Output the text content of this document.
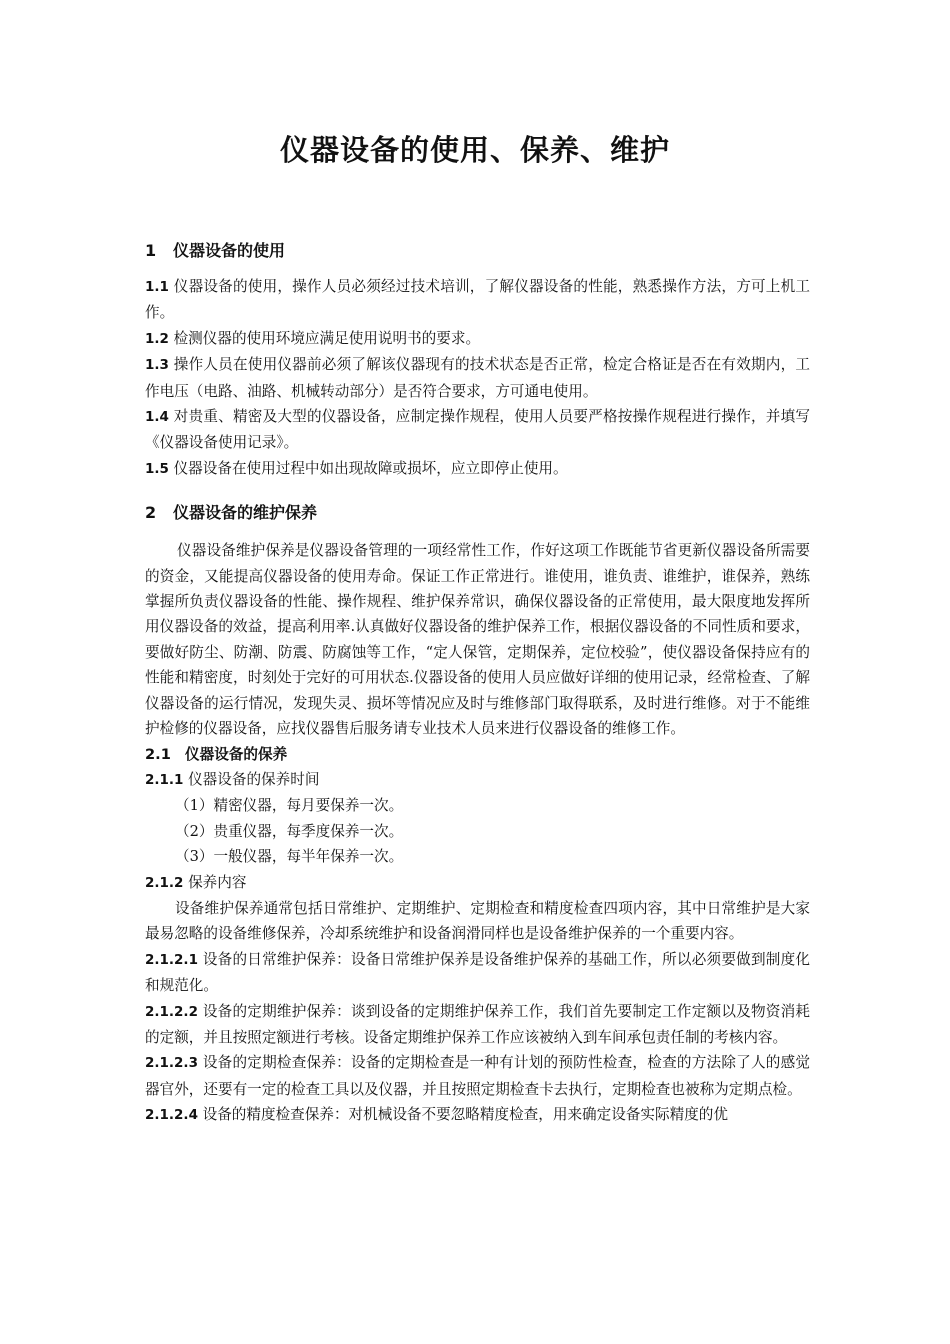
仪器设备的使用、保养、维护
1 仪器设备的使用

1.1 仪器设备的使用，操作人员必须经过技术培训，了解仪器设备的性能，熟悉操作方法，方可上机工作。

1.2 检测仪器的使用环境应满足使用说明书的要求。

1.3 操作人员在使用仪器前必须了解该仪器现有的技术状态是否正常，检定合格证是否在有效期内，工作电压（电路、油路、机械转动部分）是否符合要求，方可通电使用。

1.4 对贵重、精密及大型的仪器设备，应制定操作规程，使用人员要严格按操作规程进行操作，并填写《仪器设备使用记录》。

1.5 仪器设备在使用过程中如出现故障或损坏，应立即停止使用。

2 仪器设备的维护保养

仪器设备维护保养是仪器设备管理的一项经常性工作，作好这项工作既能节省更新仪器设备所需要的资金，又能提高仪器设备的使用寿命。保证工作正常进行。谁使用，谁负责、谁维护，谁保养，熟练掌握所负责仪器设备的性能、操作规程、维护保养常识，确保仪器设备的正常使用，最大限度地发挥所用仪器设备的效益，提高利用率.认真做好仪器设备的维护保养工作，根据仪器设备的不同性质和要求，要做好防尘、防潮、防震、防腐蚀等工作，“定人保管，定期保养，定位校验”，使仪器设备保持应有的性能和精密度，时刻处于完好的可用状态.仪器设备的使用人员应做好详细的使用记录，经常检查、了解仪器设备的运行情况，发现失灵、损坏等情况应及时与维修部门取得联系，及时进行维修。对于不能维护检修的仪器设备，应找仪器售后服务请专业技术人员来进行仪器设备的维修工作。

2.1 仪器设备的保养

2.1.1 仪器设备的保养时间

（1）精密仪器，每月要保养一次。

（2）贵重仪器，每季度保养一次。

（3）一般仪器，每半年保养一次。

2.1.2 保养内容

设备维护保养通常包括日常维护、定期维护、定期检查和精度检查四项内容，其中日常维护是大家最易忽略的设备维修保养，冷却系统维护和设备润滑同样也是设备维护保养的一个重要内容。

2.1.2.1 设备的日常维护保养：设备日常维护保养是设备维护保养的基础工作，所以必须要做到制度化和规范化。

2.1.2.2 设备的定期维护保养：谈到设备的定期维护保养工作，我们首先要制定工作定额以及物资消耗的定额，并且按照定额进行考核。设备定期维护保养工作应该被纳入到车间承包责任制的考核内容。

2.1.2.3 设备的定期检查保养：设备的定期检查是一种有计划的预防性检查，检查的方法除了人的感觉器官外，还要有一定的检查工具以及仪器，并且按照定期检查卡去执行，定期检查也被称为定期点检。

2.1.2.4 设备的精度检查保养：对机械设备不要忽略精度检查，用来确定设备实际精度的优
